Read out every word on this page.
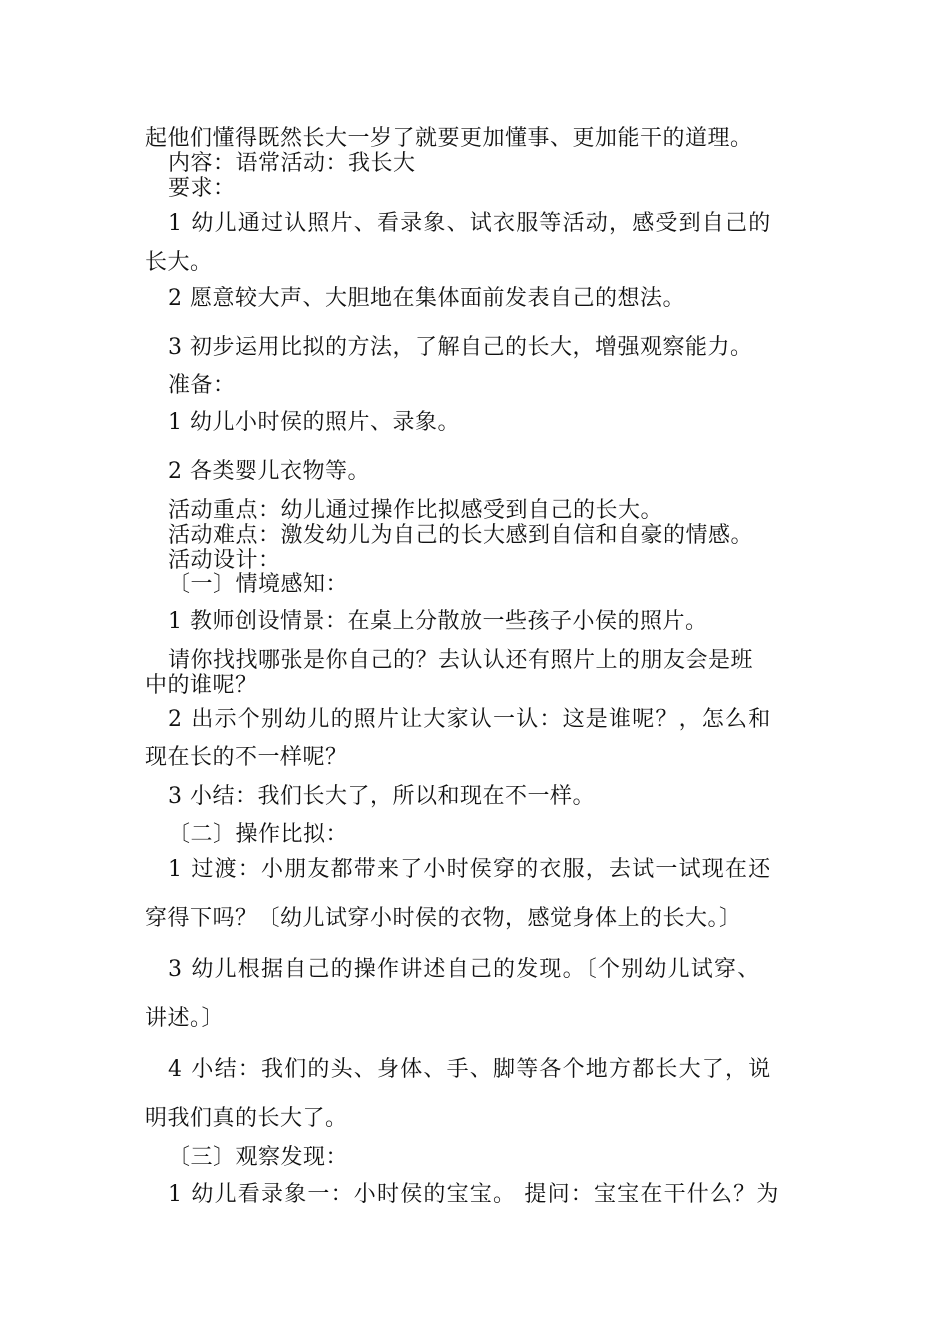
起他们懂得既然长大一岁了就要更加懂事、更加能干的道理。
内容：语常活动：我长大
要求：
1 幼儿通过认照片、看录象、试衣服等活动，感受到自己的
长大。
2 愿意较大声、大胆地在集体面前发表自己的想法。
3 初步运用比拟的方法，了解自己的长大，增强观察能力。
准备：
1 幼儿小时侯的照片、录象。
2 各类婴儿衣物等。
活动重点：幼儿通过操作比拟感受到自己的长大。
活动难点：激发幼儿为自己的长大感到自信和自豪的情感。
活动设计：
〔一〕情境感知：
1 教师创设情景：在桌上分散放一些孩子小侯的照片。
请你找找哪张是你自己的？去认认还有照片上的朋友会是班
中的谁呢？
2 出示个别幼儿的照片让大家认一认：这是谁呢？，怎么和
现在长的不一样呢？
3 小结：我们长大了，所以和现在不一样。
〔二〕操作比拟：
1 过渡：小朋友都带来了小时侯穿的衣服，去试一试现在还
穿得下吗？〔幼儿试穿小时侯的衣物，感觉身体上的长大。〕
3 幼儿根据自己的操作讲述自己的发现。〔个别幼儿试穿、
讲述。〕
4 小结：我们的头、身体、手、脚等各个地方都长大了，说
明我们真的长大了。
〔三〕观察发现：
1 幼儿看录象一：小时侯的宝宝。 提问：宝宝在干什么？为
